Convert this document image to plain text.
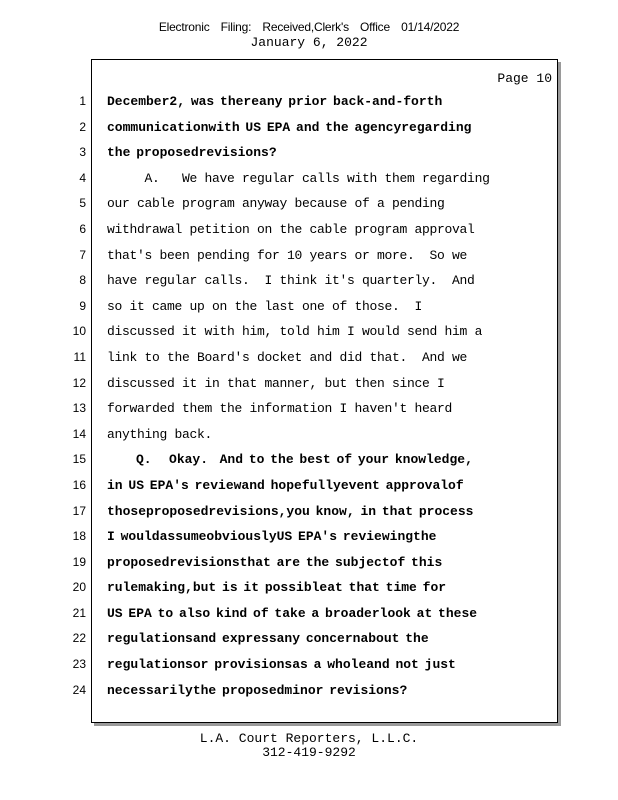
Electronic Filing: Received,Clerk's Office 01/14/2022
January 6, 2022
Page 10
1
2
3
4
5
6
7
8
9
10
11
12
13
14
15
16
17
18
19
20
21
22
23
24
December2, was thereany prior back-and-forth
communicationwith US EPA and the agencyregarding
the proposedrevisions?
A.   We have regular calls with them regarding
our cable program anyway because of a pending
withdrawal petition on the cable program approval
that's been pending for 10 years or more.  So we
have regular calls.  I think it's quarterly.  And
so it came up on the last one of those.  I
discussed it with him, told him I would send him a
link to the Board's docket and did that.  And we
discussed it in that manner, but then since I
forwarded them the information I haven't heard
anything back.
Q.   Okay.  And to the best of your knowledge,
in US EPA's reviewand hopefullyevent approvalof
thoseproposedrevisions,you know, in that process
I wouldassumeobviouslyUS EPA's reviewingthe
proposedrevisionsthat are the subjectof this
rulemaking,but is it possibleat that time for
US EPA to also kind of take a broaderlook at these
regulationsand expressany concernabout the
regulationsor provisionsas a wholeand not just
necessarilythe proposedminor revisions?
L.A. Court Reporters, L.L.C.
312-419-9292
